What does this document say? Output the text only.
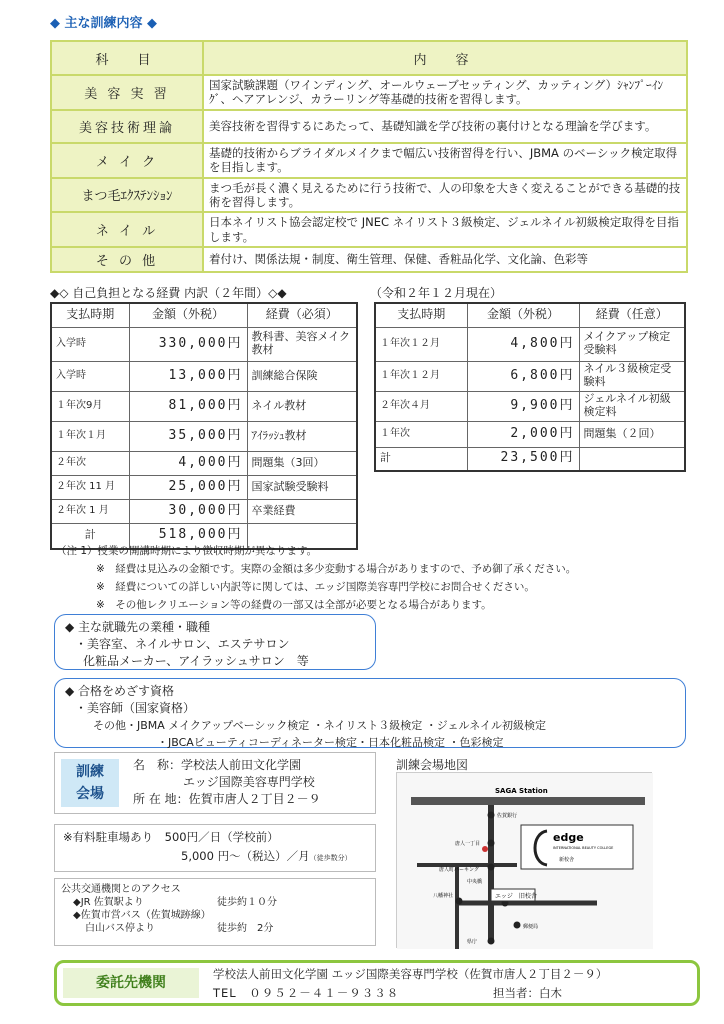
◆ 主な訓練内容 ◆
科　目	内　容
美 容 実 習	国家試験課題（ワインディング、オールウェーブセッティング、カッティング）ｼｬﾝﾌﾟｰｲﾝｸﾞ、ヘアアレンジ、カラーリング等基礎的技術を習得します。
美容技術理論	美容技術を習得するにあたって、基礎知識を学び技術の裏付けとなる理論を学びます。
メ イ ク	基礎的技術からブライダルメイクまで幅広い技術習得を行い、JBMA のベーシック検定取得を目指します。
まつ毛ｴｸｽﾃﾝｼｮﾝ	まつ毛が長く濃く見えるために行う技術で、人の印象を大きく変えることができる基礎的技術を習得します。
ネ イ ル	日本ネイリスト協会認定校で JNEC ネイリスト３級検定、ジェルネイル初級検定取得を目指します。
そ の 他	着付け、関係法規・制度、衛生管理、保健、香粧品化学、文化論、色彩等
◆◇ 自己負担となる経費 内訳（２年間）◇◆	（令和２年１２月現在）
支払時期	金額（外税）	経費（必須）
入学時	330,000円	教科書、美容メイク教材
入学時	13,000円	訓練総合保険
１年次9月	81,000円	ネイル教材
１年次１月	35,000円	ｱｲﾗｯｼｭ教材
２年次	4,000円	問題集（3回）
２年次 11 月	25,000円	国家試験受験料
２年次 1 月	30,000円	卒業経費
計	518,000円	
支払時期	金額（外税）	経費（任意）
１年次１２月	4,800円	メイクアップ検定受験料
１年次１２月	6,800円	ネイル３級検定受験料
２年次４月	9,900円	ジェルネイル初級検定料
１年次	2,000円	問題集（２回）
計	23,500円	
（注 1）授業の開講時期により徴収時期が異なります。
※　経費は見込みの金額です。実際の金額は多少変動する場合がありますので、予め御了承ください。
※　経費についての詳しい内訳等に関しては、エッジ国際美容専門学校にお問合せください。
※　その他レクリエーション等の経費の一部又は全部が必要となる場合があります。
◆ 主な就職先の業種・職種
・美容室、ネイルサロン、エステサロン
化粧品メーカー、アイラッシュサロン　等
◆ 合格をめざす資格
・美容師（国家資格）
その他・JBMA メイクアップベーシック検定 ・ネイリスト３級検定 ・ジェルネイル初級検定
・JBCAビューティコーディネーター検定・日本化粧品検定 ・色彩検定
訓練
会場
名　称：学校法人前田文化学園
エッジ国際美容専門学校
所 在 地：佐賀市唐人２丁目２－９
※有料駐車場あり　500円／日（学校前）
5,000 円～（税込）／月（徒歩数分）
公共交通機関とのアクセス
◆JR 佐賀駅より	徒歩約１０分
◆佐賀市営バス（佐賀城跡線）
白山バス停より	徒歩約　2分
訓練会場地図
SAGA Station
佐賀銀行
唐人一丁目
唐人町パーキング
中央橋
八幡神社	エッジ　旧校舎
郵便局
県庁
edge
INTERNATIONAL BEAUTY COLLEGE
新校舎
委託先機関
学校法人前田文化学園 エッジ国際美容専門学校（佐賀市唐人２丁目２－９）
TEL　０９５２－４１－９３３８	担当者：白木
